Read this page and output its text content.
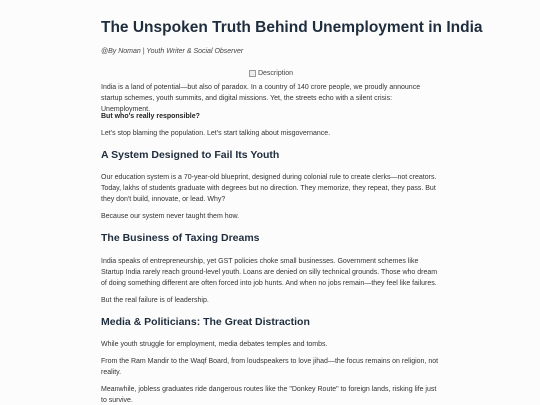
The Unspoken Truth Behind Unemployment in India
@By Noman | Youth Writer & Social Observer
Description

India is a land of potential—but also of paradox. In a country of 140 crore people, we proudly announce startup schemes, youth summits, and digital missions. Yet, the streets echo with a silent crisis: Unemployment.

But who's really responsible?

Let's stop blaming the population. Let's start talking about misgovernance.

A System Designed to Fail Its Youth

Our education system is a 70-year-old blueprint, designed during colonial rule to create clerks—not creators. Today, lakhs of students graduate with degrees but no direction. They memorize, they repeat, they pass. But they don't build, innovate, or lead. Why?

Because our system never taught them how.

The Business of Taxing Dreams

India speaks of entrepreneurship, yet GST policies choke small businesses. Government schemes like Startup India rarely reach ground-level youth. Loans are denied on silly technical grounds. Those who dream of doing something different are often forced into job hunts. And when no jobs remain—they feel like failures.

But the real failure is of leadership.

Media & Politicians: The Great Distraction

While youth struggle for employment, media debates temples and tombs.

From the Ram Mandir to the Waqf Board, from loudspeakers to love jihad—the focus remains on religion, not reality.

Meanwhile, jobless graduates ride dangerous routes like the "Donkey Route" to foreign lands, risking life just to survive.
